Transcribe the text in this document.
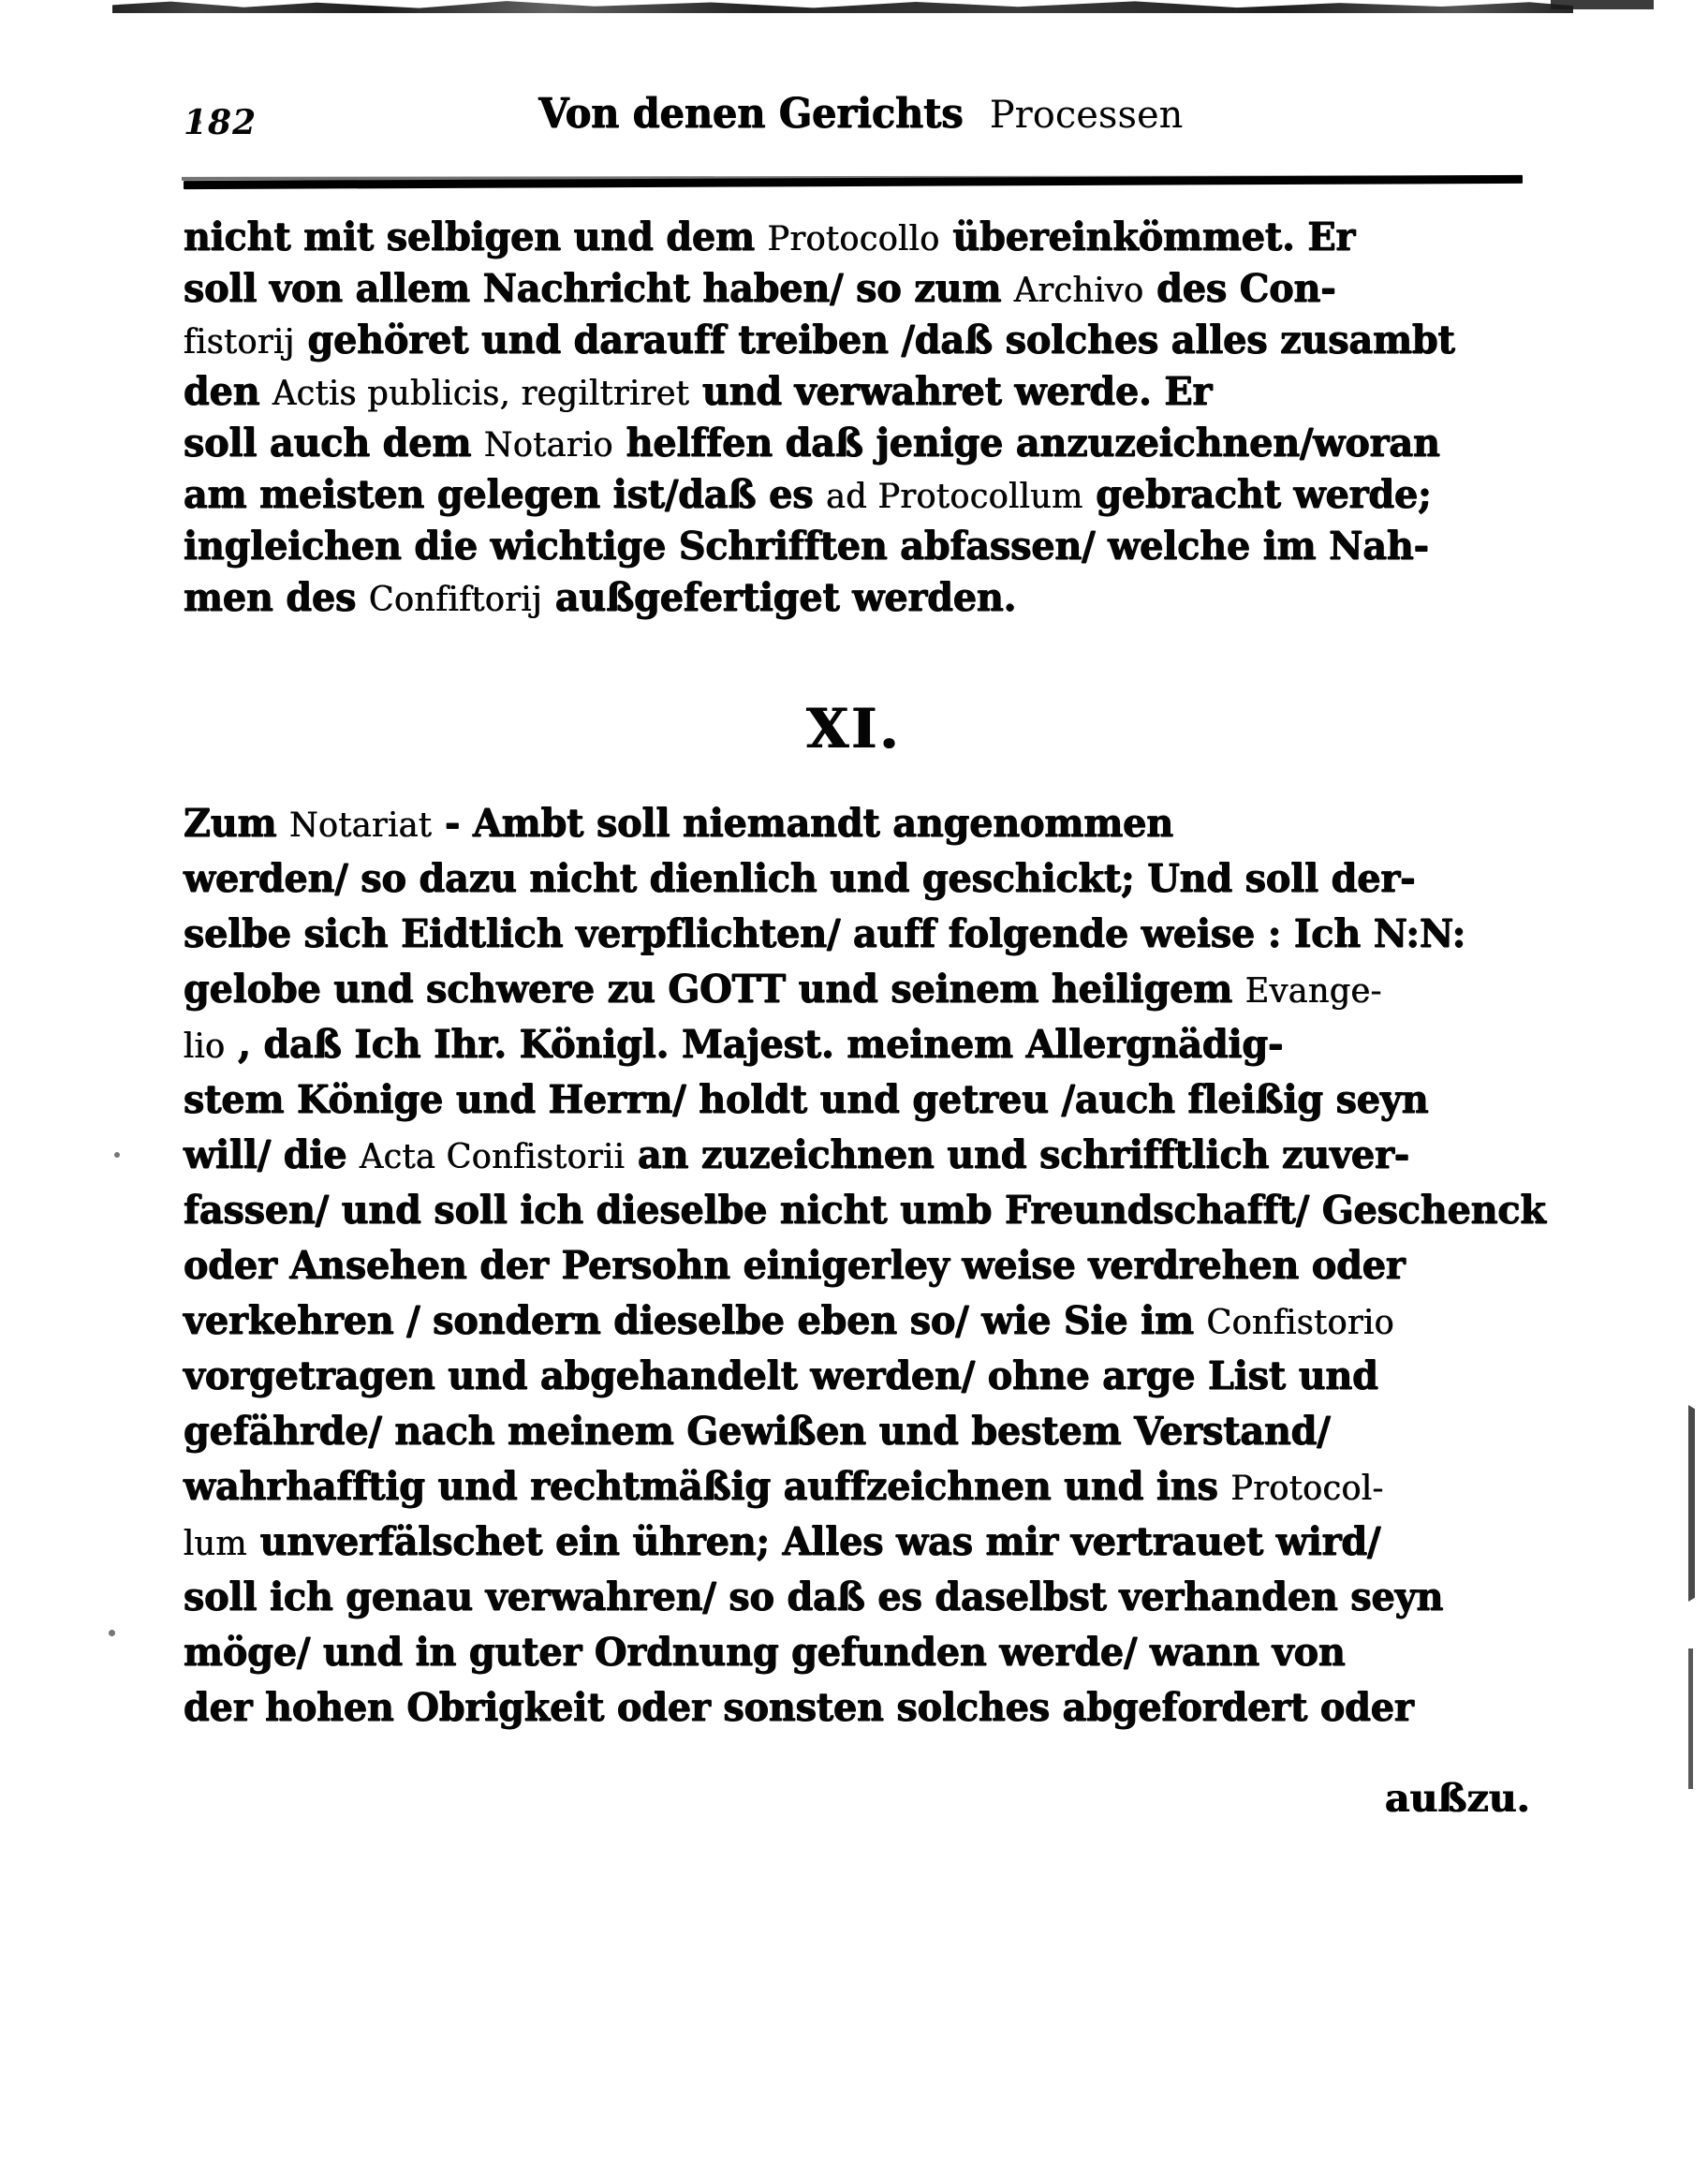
182	Von denen Gerichts Processen
nicht mit selbigen und dem Protocollo übereinkömmet. Er
soll von allem Nachricht haben/ so zum Archivo des Con-
fistorij gehöret und darauff treiben /daß solches alles zusambt
den Actis publicis, regiltriret und verwahret werde. Er
soll auch dem Notario helffen daß jenige anzuzeichnen/woran
am meisten gelegen ist/daß es ad Protocollum gebracht werde;
ingleichen die wichtige Schrifften abfassen/ welche im Nah-
men des Confiftorij außgefertiget werden.
XI.
Zum Notariat - Ambt soll niemandt angenommen
werden/ so dazu nicht dienlich und geschickt; Und soll der-
selbe sich Eidtlich verpflichten/ auff folgende weise : Ich N:N:
gelobe und schwere zu GOTT und seinem heiligem Evange-
lio , daß Ich Ihr. Königl. Majest. meinem Allergnädig-
stem Könige und Herrn/ holdt und getreu /auch fleißig seyn
will/ die Acta Confistorii an zuzeichnen und schrifftlich zuver-
fassen/ und soll ich dieselbe nicht umb Freundschafft/ Geschenck
oder Ansehen der Persohn einigerley weise verdrehen oder
verkehren / sondern dieselbe eben so/ wie Sie im Confistorio
vorgetragen und abgehandelt werden/ ohne arge List und
gefährde/ nach meinem Gewißen und bestem Verstand/
wahrhafftig und rechtmäßig auffzeichnen und ins Protocol-
lum unverfälschet ein ühren; Alles was mir vertrauet wird/
soll ich genau verwahren/ so daß es daselbst verhanden seyn
möge/ und in guter Ordnung gefunden werde/ wann von
der hohen Obrigkeit oder sonsten solches abgefordert oder
außzu.
